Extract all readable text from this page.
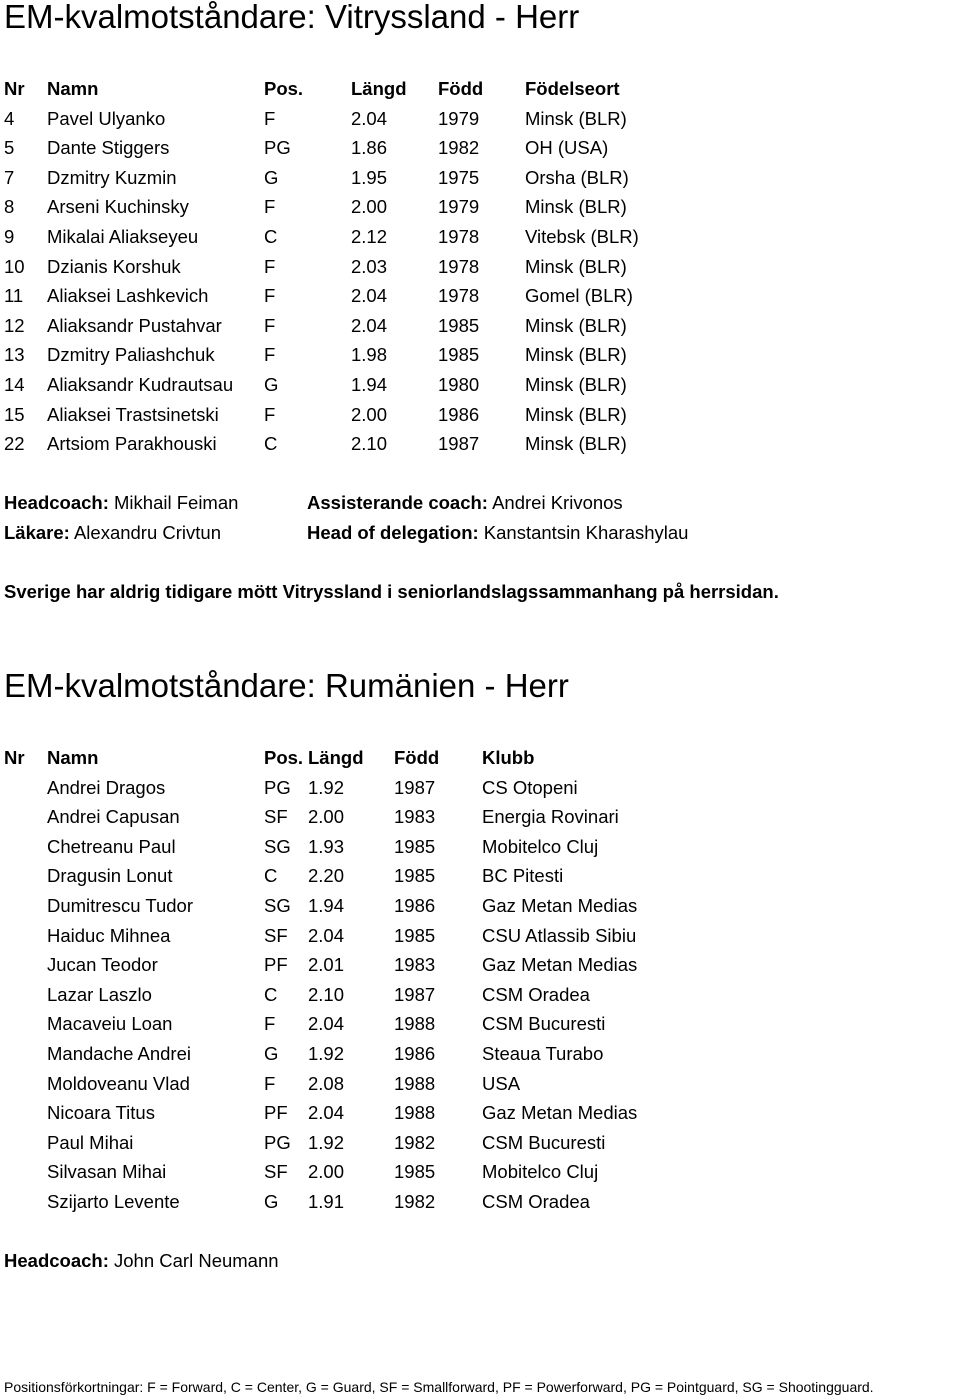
EM-kvalmotståndare: Vitryssland - Herr
Nr Namn	Pos.	Längd Född Födelseort
4 Pavel Ulyanko	F	2.04	1979 Minsk (BLR)
5 Dante Stiggers	PG	1.86	1982 OH (USA)
7 Dzmitry Kuzmin	G	1.95	1975 Orsha (BLR)
8 Arseni Kuchinsky	F	2.00	1979 Minsk (BLR)
9 Mikalai Aliakseyeu	C	2.12	1978 Vitebsk (BLR)
10 Dzianis Korshuk	F	2.03	1978 Minsk (BLR)
11 Aliaksei Lashkevich	F	2.04	1978 Gomel (BLR)
12 Aliaksandr Pustahvar F	2.04	1985 Minsk (BLR)
13 Dzmitry Paliashchuk	F	1.98	1985 Minsk (BLR)
14 Aliaksandr Kudrautsau G	1.94	1980 Minsk (BLR)
15 Aliaksei Trastsinetski F	2.00	1986 Minsk (BLR)
22 Artsiom Parakhouski	C	2.10	1987 Minsk (BLR)
Headcoach: Mikhail Feiman	Assisterande coach: Andrei Krivonos
Läkare: Alexandru Crivtun	Head of delegation: Kanstantsin Kharashylau
Sverige har aldrig tidigare mött Vitryssland i seniorlandslagssammanhang på herrsidan.
EM-kvalmotståndare: Rumänien - Herr
Nr Namn	Pos. Längd Född Klubb
Andrei Dragos	PG 1.92	1987	CS Otopeni
Andrei Capusan	SF 2.00	1983	Energia Rovinari
Chetreanu Paul	SG 1.93	1985	Mobitelco Cluj
Dragusin Lonut	C 2.20	1985	BC Pitesti
Dumitrescu Tudor	SG 1.94	1986	Gaz Metan Medias
Haiduc Mihnea	SF 2.04	1985	CSU Atlassib Sibiu
Jucan Teodor	PF 2.01	1983	Gaz Metan Medias
Lazar Laszlo	C 2.10	1987	CSM Oradea
Macaveiu Loan	F 2.04	1988	CSM Bucuresti
Mandache Andrei	G 1.92	1986	Steaua Turabo
Moldoveanu Vlad	F 2.08	1988	USA
Nicoara Titus	PF 2.04	1988	Gaz Metan Medias
Paul Mihai	PG 1.92	1982	CSM Bucuresti
Silvasan Mihai	SF 2.00	1985	Mobitelco Cluj
Szijarto Levente	G 1.91	1982	CSM Oradea
Headcoach: John Carl Neumann
Positionsförkortningar: F = Forward, C = Center, G = Guard, SF = Smallforward, PF = Powerforward, PG = Pointguard, SG = Shootingguard.
